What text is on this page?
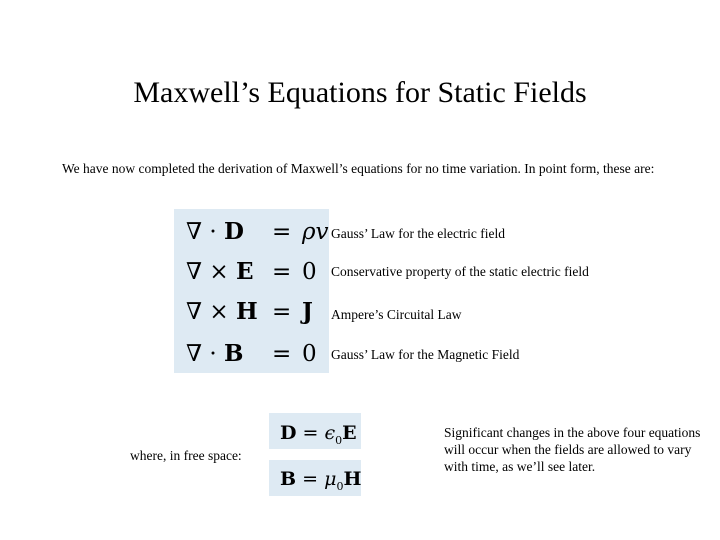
Maxwell’s Equations for Static Fields
We have now completed the derivation of Maxwell’s equations for no time variation. In point form, these are:
∇ · D = ρv Gauss’ Law for the electric field
∇ × E = 0 Conservative property of the static electric field
∇ × H = J Ampere’s Circuital Law
∇ · B = 0 Gauss’ Law for the Magnetic Field
where, in free space:
$D = \epsilon_0E$
$B = \mu_0H$
Significant changes in the above four equations will occur when the fields are allowed to vary with time, as we’ll see later.
